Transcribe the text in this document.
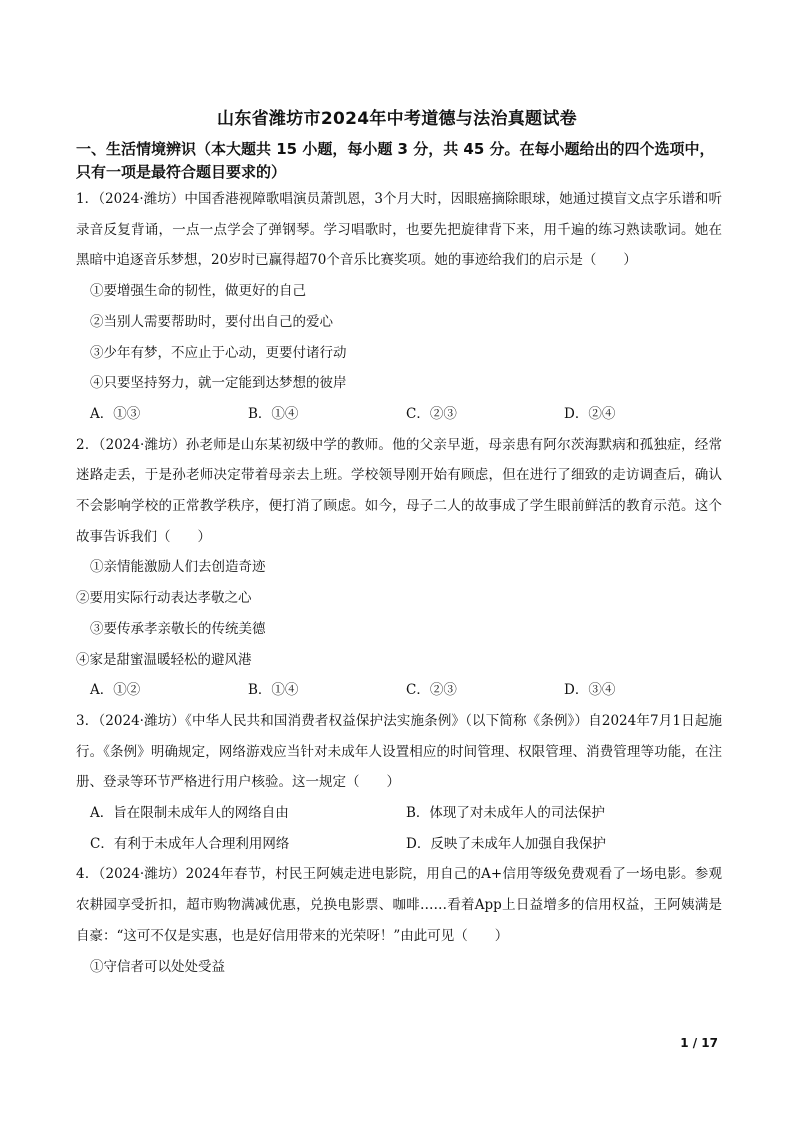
山东省潍坊市2024年中考道德与法治真题试卷
一、生活情境辨识（本大题共 15 小题，每小题 3 分，共 45 分。在每小题给出的四个选项中，只有一项是最符合题目要求的）

1．（2024·潍坊）中国香港视障歌唱演员萧凯恩，3个月大时，因眼癌摘除眼球，她通过摸盲文点字乐谱和听录音反复背诵，一点一点学会了弹钢琴。学习唱歌时，也要先把旋律背下来，用千遍的练习熟读歌词。她在黑暗中追逐音乐梦想，20岁时已赢得超70个音乐比赛奖项。她的事迹给我们的启示是（　　）

①要增强生命的韧性，做更好的自己

②当别人需要帮助时，要付出自己的爱心

③少年有梦，不应止于心动，更要付诸行动

④只要坚持努力，就一定能到达梦想的彼岸

A．①③	B．①④	C．②③	D．②④

2．（2024·潍坊）孙老师是山东某初级中学的教师。他的父亲早逝，母亲患有阿尔茨海默病和孤独症，经常迷路走丢，于是孙老师决定带着母亲去上班。学校领导刚开始有顾虑，但在进行了细致的走访调查后，确认不会影响学校的正常教学秩序，便打消了顾虑。如今，母子二人的故事成了学生眼前鲜活的教育示范。这个故事告诉我们（　　）

①亲情能激励人们去创造奇迹

②要用实际行动表达孝敬之心

③要传承孝亲敬长的传统美德

④家是甜蜜温暖轻松的避风港

A．①②	B．①④	C．②③	D．③④

3．（2024·潍坊）《中华人民共和国消费者权益保护法实施条例》（以下简称《条例》）自2024年7月1日起施行。《条例》明确规定，网络游戏应当针对未成年人设置相应的时间管理、权限管理、消费管理等功能，在注册、登录等环节严格进行用户核验。这一规定（　　）

A．旨在限制未成年人的网络自由	B．体现了对未成年人的司法保护
C．有利于未成年人合理利用网络	D．反映了未成年人加强自我保护

4．（2024·潍坊）2024年春节，村民王阿姨走进电影院，用自己的A+信用等级免费观看了一场电影。参观农耕园享受折扣，超市购物满减优惠，兑换电影票、咖啡……看着App上日益增多的信用权益，王阿姨满是自豪：“这可不仅是实惠，也是好信用带来的光荣呀！”由此可见（　　）

①守信者可以处处受益

1 / 17
